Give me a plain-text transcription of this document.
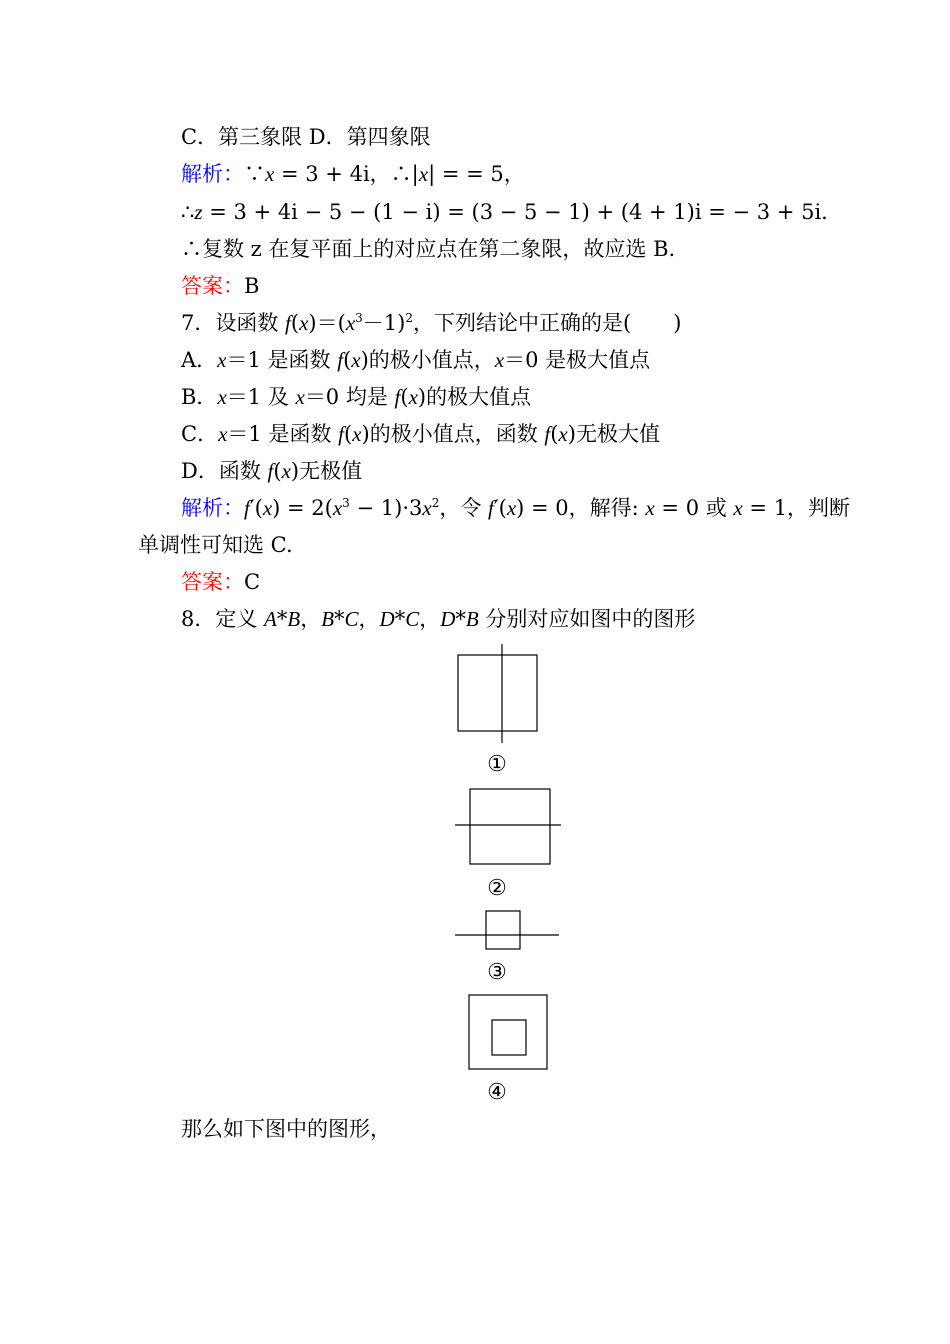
C．第三象限 D．第四象限
解析：∵x = 3 + 4i，∴|x| = = 5，
∴z = 3 + 4i − 5 − (1 − i) = (3 − 5 − 1) + (4 + 1)i = − 3 + 5i.
∴复数 z 在复平面上的对应点在第二象限，故应选 B.
答案：B
7．设函数 $f(x)=(x^3-1)^2$，下列结论中正确的是( )
A．x＝1 是函数 f(x)的极小值点，x＝0 是极大值点
B．x＝1 及 x＝0 均是 f(x)的极大值点
C．x＝1 是函数 f(x)的极小值点，函数 f(x)无极大值
D．函数 f(x)无极值
解析：$f'(x) = 2(x^3 - 1)\cdot 3x^2$，令 f′(x) = 0，解得: x = 0 或 x = 1，判断
单调性可知选 C.
答案：C
8．定义 A*B，B*C，D*C，D*B 分别对应如图中的图形
①
②
③
④
那么如下图中的图形，
